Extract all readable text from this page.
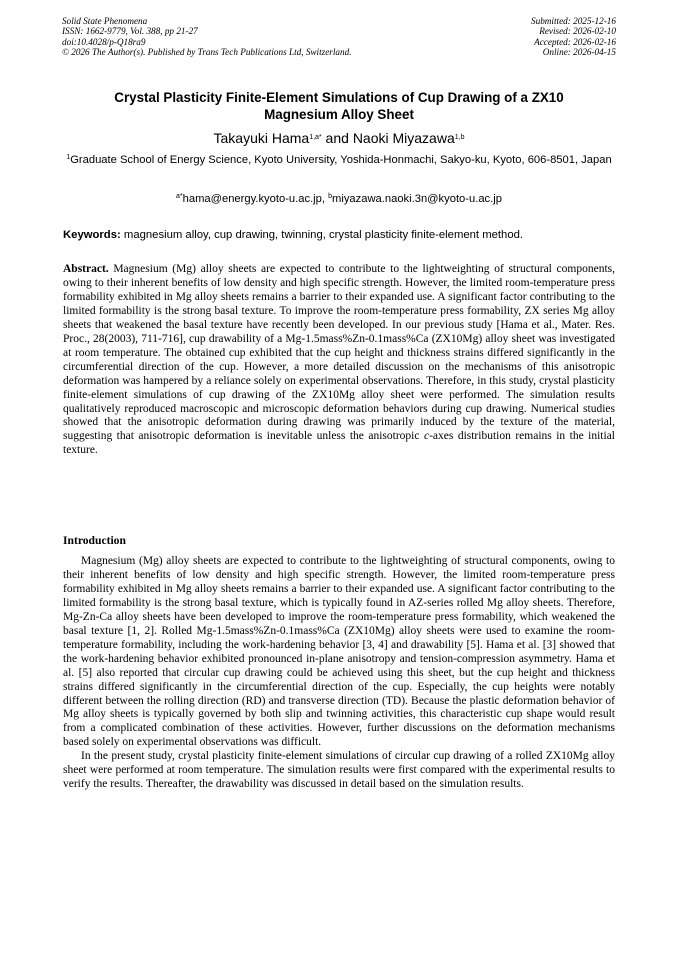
Solid State Phenomena
ISSN: 1662-9779, Vol. 388, pp 21-27
doi:10.4028/p-Q18ra9
© 2026 The Author(s). Published by Trans Tech Publications Ltd, Switzerland.
Submitted: 2025-12-16
Revised: 2026-02-10
Accepted: 2026-02-16
Online: 2026-04-15
Crystal Plasticity Finite-Element Simulations of Cup Drawing of a ZX10
Magnesium Alloy Sheet
Takayuki Hama$^{1,a*}$ and Naoki Miyazawa$^{1,b}$
$^1$Graduate School of Energy Science, Kyoto University, Yoshida-Honmachi, Sakyo-ku, Kyoto, 606-8501, Japan
$^{a*}$hama@energy.kyoto-u.ac.jp, $^b$miyazawa.naoki.3n@kyoto-u.ac.jp
Keywords: magnesium alloy, cup drawing, twinning, crystal plasticity finite-element method.
Abstract. Magnesium (Mg) alloy sheets are expected to contribute to the lightweighting of structural components, owing to their inherent benefits of low density and high specific strength. However, the limited room-temperature press formability exhibited in Mg alloy sheets remains a barrier to their expanded use. A significant factor contributing to the limited formability is the strong basal texture. To improve the room-temperature press formability, ZX series Mg alloy sheets that weakened the basal texture have recently been developed. In our previous study [Hama et al., Mater. Res. Proc., 28(2003), 711-716], cup drawability of a Mg-1.5mass%Zn-0.1mass%Ca (ZX10Mg) alloy sheet was investigated at room temperature. The obtained cup exhibited that the cup height and thickness strains differed significantly in the circumferential direction of the cup. However, a more detailed discussion on the mechanisms of this anisotropic deformation was hampered by a reliance solely on experimental observations. Therefore, in this study, crystal plasticity finite-element simulations of cup drawing of the ZX10Mg alloy sheet were performed. The simulation results qualitatively reproduced macroscopic and microscopic deformation behaviors during cup drawing. Numerical studies showed that the anisotropic deformation during drawing was primarily induced by the texture of the material, suggesting that anisotropic deformation is inevitable unless the anisotropic c-axes distribution remains in the initial texture.
Introduction

Magnesium (Mg) alloy sheets are expected to contribute to the lightweighting of structural components, owing to their inherent benefits of low density and high specific strength. However, the limited room-temperature press formability exhibited in Mg alloy sheets remains a barrier to their expanded use. A significant factor contributing to the limited formability is the strong basal texture, which is typically found in AZ-series rolled Mg alloy sheets. Therefore, Mg-Zn-Ca alloy sheets have been developed to improve the room-temperature press formability, which weakened the basal texture [1, 2]. Rolled Mg-1.5mass%Zn-0.1mass%Ca (ZX10Mg) alloy sheets were used to examine the room-temperature formability, including the work-hardening behavior [3, 4] and drawability [5]. Hama et al. [3] showed that the work-hardening behavior exhibited pronounced in-plane anisotropy and tension-compression asymmetry. Hama et al. [5] also reported that circular cup drawing could be achieved using this sheet, but the cup height and thickness strains differed significantly in the circumferential direction of the cup. Especially, the cup heights were notably different between the rolling direction (RD) and transverse direction (TD). Because the plastic deformation behavior of Mg alloy sheets is typically governed by both slip and twinning activities, this characteristic cup shape would result from a complicated combination of these activities. However, further discussions on the deformation mechanisms based solely on experimental observations was difficult.

In the present study, crystal plasticity finite-element simulations of circular cup drawing of a rolled ZX10Mg alloy sheet were performed at room temperature. The simulation results were first compared with the experimental results to verify the results. Thereafter, the drawability was discussed in detail based on the simulation results.
